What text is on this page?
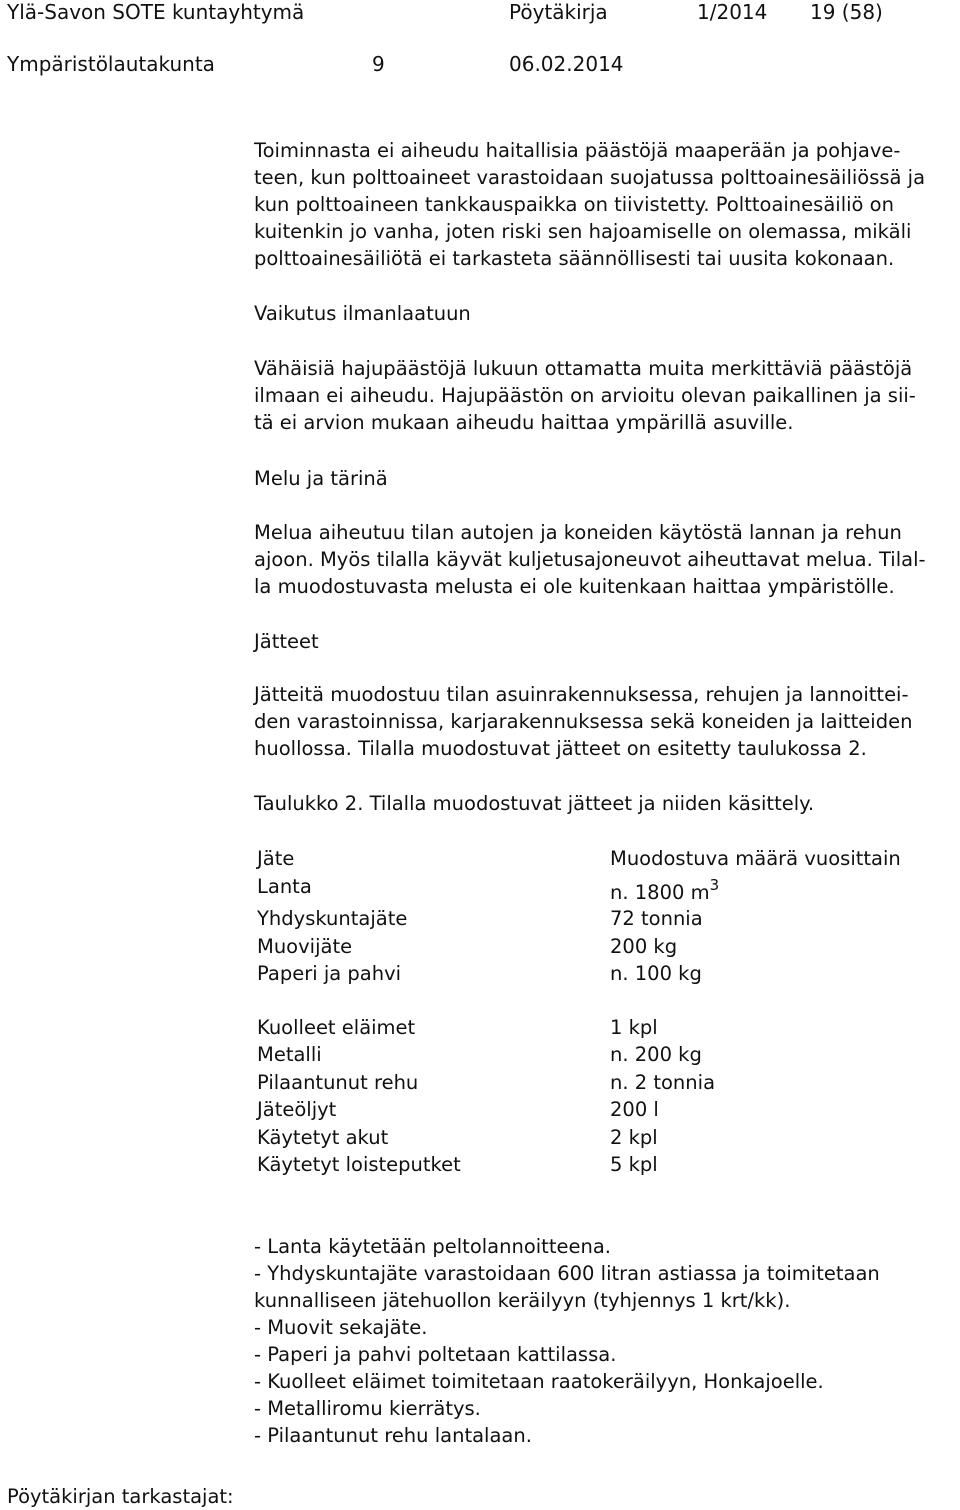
Ylä-Savon SOTE kuntayhtymä	Pöytäkirja	1/2014 19 (58)
Ympäristölautakunta	9	06.02.2014
Toiminnasta ei aiheudu haitallisia päästöjä maaperään ja pohjave-
teen, kun polttoaineet varastoidaan suojatussa polttoainesäiliössä ja
kun polttoaineen tankkauspaikka on tiivistetty. Polttoainesäiliö on
kuitenkin jo vanha, joten riski sen hajoamiselle on olemassa, mikäli
polttoainesäiliötä ei tarkasteta säännöllisesti tai uusita kokonaan.
Vaikutus ilmanlaatuun
Vähäisiä hajupäästöjä lukuun ottamatta muita merkittäviä päästöjä
ilmaan ei aiheudu. Hajupäästön on arvioitu olevan paikallinen ja sii-
tä ei arvion mukaan aiheudu haittaa ympärillä asuville.
Melu ja tärinä
Melua aiheutuu tilan autojen ja koneiden käytöstä lannan ja rehun
ajoon. Myös tilalla käyvät kuljetusajoneuvot aiheuttavat melua. Tilal-
la muodostuvasta melusta ei ole kuitenkaan haittaa ympäristölle.
Jätteet
Jätteitä muodostuu tilan asuinrakennuksessa, rehujen ja lannoittei-
den varastoinnissa, karjarakennuksessa sekä koneiden ja laitteiden
huollossa. Tilalla muodostuvat jätteet on esitetty taulukossa 2.
Taulukko 2. Tilalla muodostuvat jätteet ja niiden käsittely.
Jäte	Muodostuva määrä vuosittain
Lanta	n. 1800 $m^3$
Yhdyskuntajäte	72 tonnia
Muovijäte	200 kg
Paperi ja pahvi	n. 100 kg
Kuolleet eläimet	1 kpl
Metalli	n. 200 kg
Pilaantunut rehu	n. 2 tonnia
Jäteöljyt	200 l
Käytetyt akut	2 kpl
Käytetyt loisteputket	5 kpl
- Lanta käytetään peltolannoitteena.
- Yhdyskuntajäte varastoidaan 600 litran astiassa ja toimitetaan
kunnalliseen jätehuollon keräilyyn (tyhjennys 1 krt/kk).
- Muovit sekajäte.
- Paperi ja pahvi poltetaan kattilassa.
- Kuolleet eläimet toimitetaan raatokeräilyyn, Honkajoelle.
- Metalliromu kierrätys.
- Pilaantunut rehu lantalaan.
Pöytäkirjan tarkastajat:
